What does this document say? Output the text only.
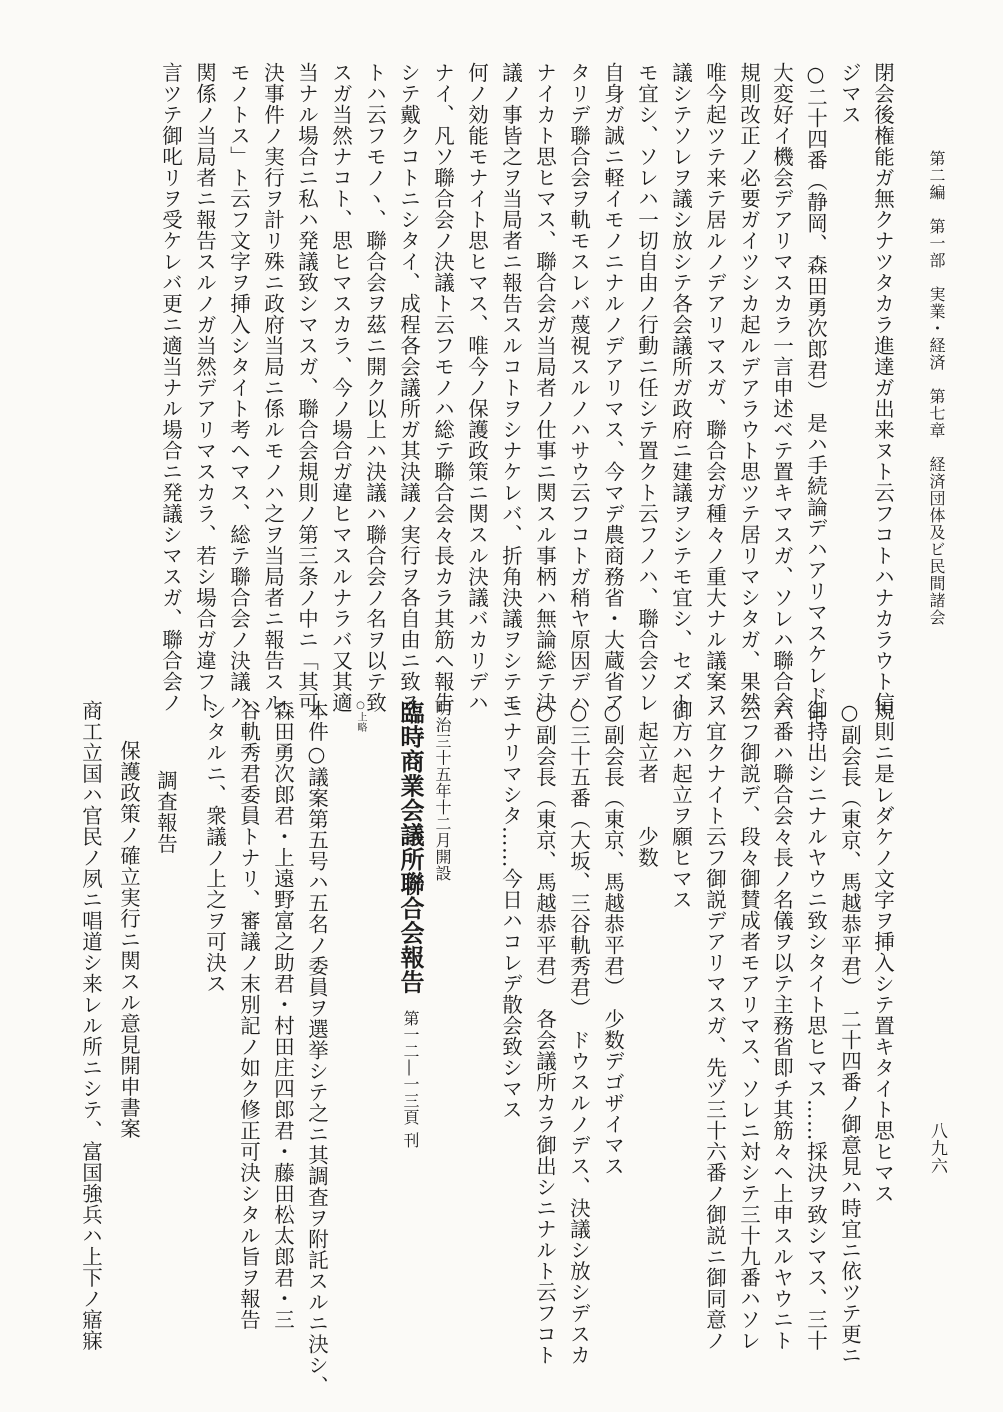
第二編　第一部　実業・経済　第七章　経済団体及ビ民間諸会
八九六
閉会後権能ガ無クナツタカラ進達ガ出来ヌト云フコトハナカラウト信
ジマス
○二十四番（静岡、森田勇次郎君）　是ハ手続論デハアリマスケレドモ
大変好イ機会デアリマスカラ一言申述ベテ置キマスガ、ソレハ聯合会
規則改正ノ必要ガイツシカ起ルデアラウト思ツテ居リマシタガ、果然
唯今起ツテ来テ居ルノデアリマスガ、聯合会ガ種々ノ重大ナル議案ヲ
議シテソレヲ議シ放シテ各会議所ガ政府ニ建議ヲシテモ宜シ、セズト
モ宜シ、ソレハ一切自由ノ行動ニ任シテ置クト云フノハ、聯合会ソレ
自身ガ誠ニ軽イモノニナルノデアリマス、今マデ農商務省・大蔵省ア
タリデ聯合会ヲ軌モスレバ蔑視スルノハサウ云フコトガ稍ヤ原因デハ
ナイカト思ヒマス、聯合会ガ当局者ノ仕事ニ関スル事柄ハ無論総テ決
議ノ事皆之ヲ当局者ニ報告スルコトヲシナケレバ、折角決議ヲシテモ
何ノ効能モナイト思ヒマス、唯今ノ保護政策ニ関スル決議バカリデハ
ナイ、凡ソ聯合会ノ決議ト云フモノハ総テ聯合会々長カラ其筋ヘ報告
シテ戴クコトニシタイ、成程各会議所ガ其決議ノ実行ヲ各自由ニ致ス
トハ云フモノヽ、聯合会ヲ茲ニ開ク以上ハ決議ハ聯合会ノ名ヲ以テ致
スガ当然ナコト、思ヒマスカラ、今ノ場合ガ違ヒマスルナラバ又其適
当ナル場合ニ私ハ発議致シマスガ、聯合会規則ノ第三条ノ中ニ「其可
決事件ノ実行ヲ計リ殊ニ政府当局ニ係ルモノハ之ヲ当局者ニ報告スル
モノトス」ト云フ文字ヲ挿入シタイト考ヘマス、総テ聯合会ノ決議ハ
関係ノ当局者ニ報告スルノガ当然デアリマスカラ、若シ場合ガ違フト
言ツテ御叱リヲ受ケレバ更ニ適当ナル場合ニ発議シマスガ、聯合会ノ
規則ニ是レダケノ文字ヲ挿入シテ置キタイト思ヒマス
○副会長（東京、馬越恭平君）　二十四番ノ御意見ハ時宜ニ依ツテ更ニ
御持出シニナルヤウニ致シタイト思ヒマス……採決ヲ致シマス、三十
六番ハ聯合会々長ノ名儀ヲ以テ主務省即チ其筋々ヘ上申スルヤウニト
云フ御説デ、段々御賛成者モアリマス、ソレニ対シテ三十九番ハソレ
ハ宜クナイト云フ御説デアリマスガ、先ヅ三十六番ノ御説ニ御同意ノ
御方ハ起立ヲ願ヒマス
　起立者　　少数
○副会長（東京、馬越恭平君）　少数デゴザイマス
○三十五番（大坂、三谷軌秀君）　ドウスルノデス、決議シ放シデスカ
○副会長（東京、馬越恭平君）　各会議所カラ御出シニナルト云フコト
ニナリマシタ……今日ハコレデ散会致シマス
明治三十五年十二月開設
臨時商業会議所聯合会報告
第一二―一三頁
刊
○上略
本件○議案第五号ハ五名ノ委員ヲ選挙シテ之ニ其調査ヲ附託スルニ決シ、
森田勇次郎君・上遠野富之助君・村田庄四郎君・藤田松太郎君・三
谷軌秀君委員トナリ、審議ノ末別記ノ如ク修正可決シタル旨ヲ報告
シタルニ、衆議ノ上之ヲ可決ス
調査報告
保護政策ノ確立実行ニ関スル意見開申書案
商工立国ハ官民ノ夙ニ唱道シ来レル所ニシテ、富国強兵ハ上下ノ寤寐
